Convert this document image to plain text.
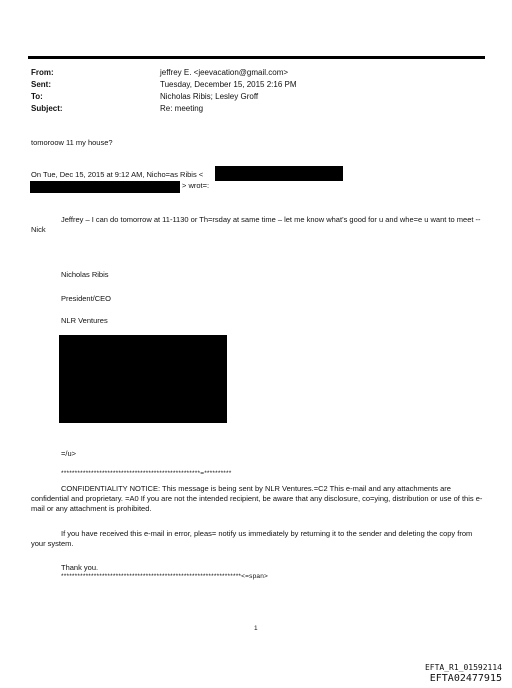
From:	jeffrey E. <jeevacation@gmail.com>
Sent:	Tuesday, December 15, 2015 2:16 PM
To:	Nicholas Ribis; Lesley Groff
Subject:	Re: meeting
tomoroow 11 my house?
On Tue, Dec 15, 2015 at 9:12 AM, Nicho=as Ribis <
> wrot=:
Jeffrey – I can do tomorrow at 11-1130 or Th=rsday at same time – let me know what’s good for u and whe=e u want to meet -- Nick
Nicholas Ribis
President/CEO
NLR Ventures
=/u>
***************************************************=**********
CONFIDENTIALITY NOTICE: This message is being sent by NLR Ventures.=C2 This e-mail and any attachments are confidential and proprietary. =A0 If you are not the intended recipient, be aware that any disclosure, co=ying, distribution or use of this e-mail or any attachment is prohibited.
If you have received this e-mail in error, pleas= notify us immediately by returning it to the sender and deleting the copy from your system.
Thank you.
******************************************************************<=span>
1
EFTA_R1_01592114
EFTA02477915
